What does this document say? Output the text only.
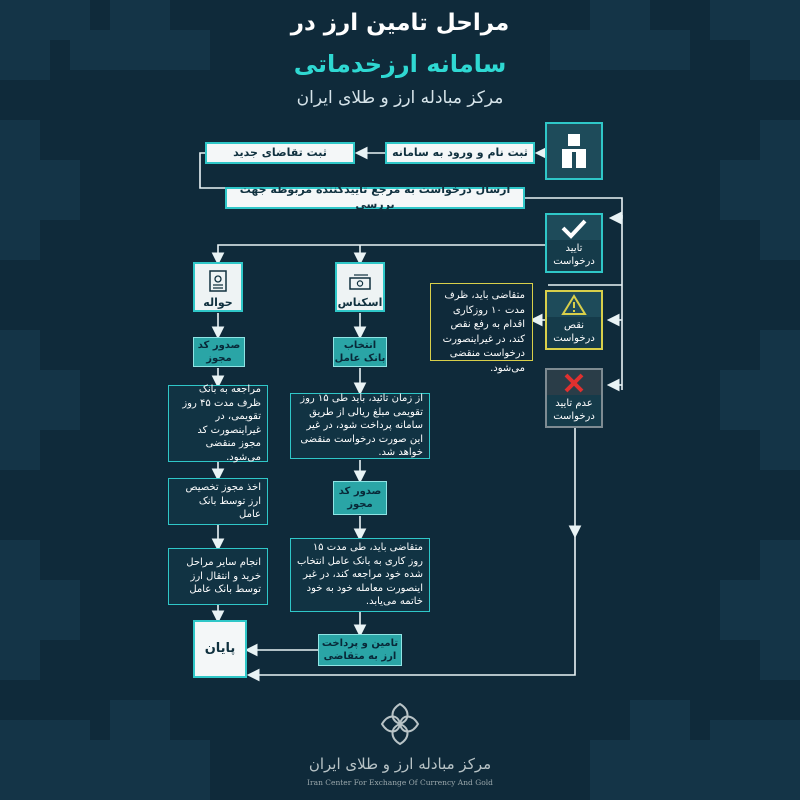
مراحل تامین ارز در
سامانه ارزخدماتی
مرکز مبادله ارز و طلای ایران
ثبت نام و ورود به سامانه
ثبت تقاضای جدید
ارسال درخواست به مرجع تاییدکننده مربوطه جهت بررسی
تایید درخواست
نقص درخواست
عدم تایید درخواست
متقاضی باید، ظرف مدت ۱۰ روزکاری اقدام به رفع نقص کند، در غیراینصورت درخواست منقضی می‌شود.
حواله
صدور کد مجوز
مراجعه به بانک ظرف مدت ۴۵ روز تقویمی، در غیراینصورت کد مجوز منقضی می‌شود.
اخذ مجوز تخصیص ارز توسط بانک عامل
انجام سایر مراحل خرید و انتقال ارز توسط بانک عامل
پایان
اسکناس
انتخاب بانک عامل
از زمان تائید، باید طی ۱۵ روز تقویمی مبلغ ریالی از طریق سامانه پرداخت شود، در غیر این صورت درخواست منقضی خواهد شد.
صدور کد مجوز
متقاضی باید، طی مدت ۱۵ روز کاری به بانک عامل انتخاب شده خود مراجعه کند، در غیر اینصورت معامله خود به خود خاتمه می‌یابد.
تامین و پرداخت ارز به متقاضی
مرکز مبادله ارز و طلای ایران
Iran Center For Exchange Of Currency And Gold
